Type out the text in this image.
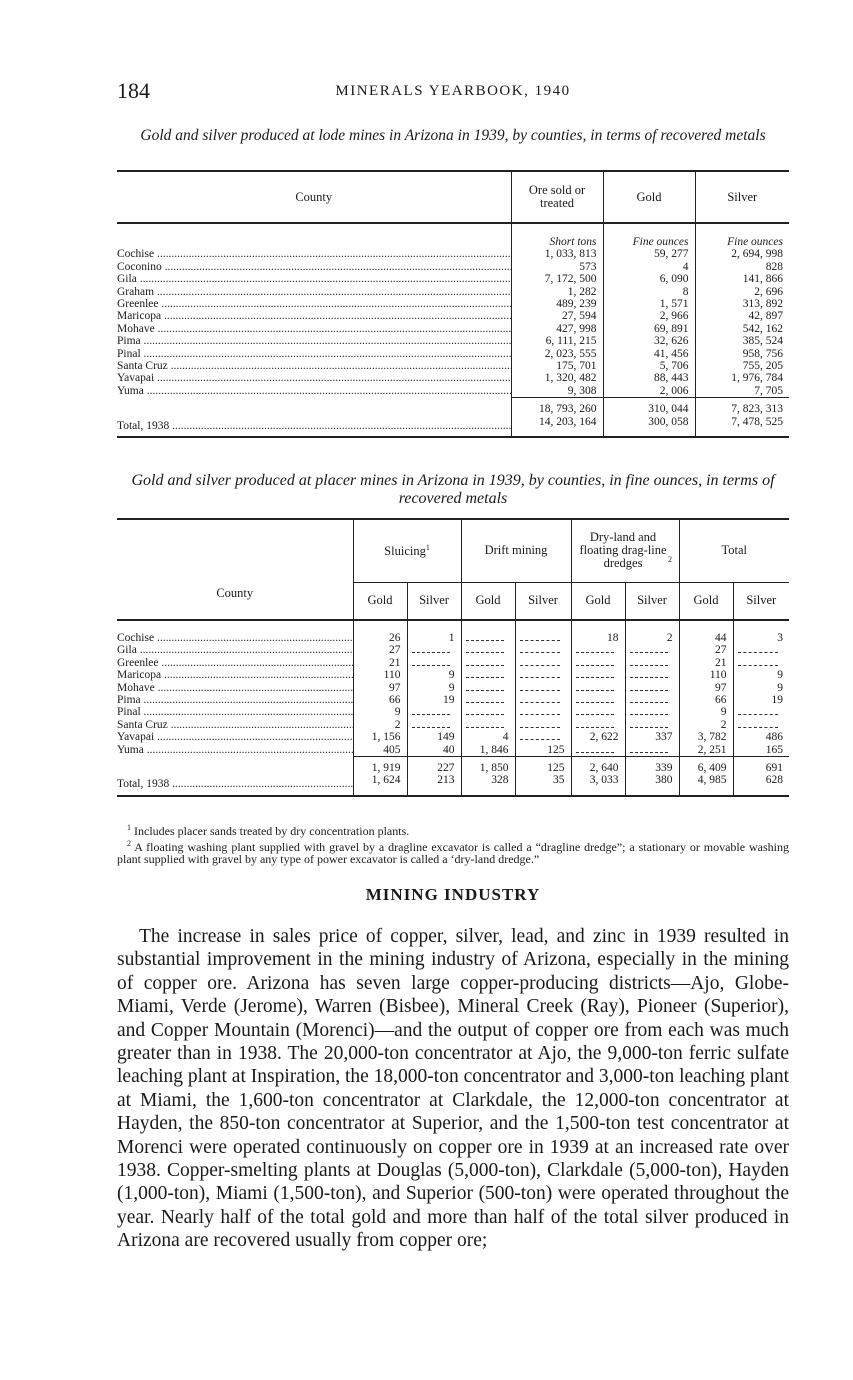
184	MINERALS YEARBOOK, 1940
Gold and silver produced at lode mines in Arizona in 1939, by counties, in terms of recovered metals
County	Ore sold or treated	Gold	Silver
	Short tons	Fine ounces	Fine ounces

Cochise .....	1, 033, 813	59, 277	2, 694, 998

Coconino .....	573	4	828

Gila .....	7, 172, 500	6, 090	141, 866

Graham .....	1, 282	8	2, 696

Greenlee .....	489, 239	1, 571	313, 892

Maricopa .....	27, 594	2, 966	42, 897

Mohave .....	427, 998	69, 891	542, 162

Pima .....	6, 111, 215	32, 626	385, 524

Pinal .....	2, 023, 555	41, 456	958, 756

Santa Cruz .....	175, 701	5, 706	755, 205

Yavapai .....	1, 320, 482	88, 443	1, 976, 784

Yuma .....	9, 308	2, 006	7, 705
	18, 793, 260	310, 044	7, 823, 313

Total, 1938 .....	14, 203, 164	300, 058	7, 478, 525
Gold and silver produced at placer mines in Arizona in 1939, by counties, in fine ounces, in terms of recovered metals
County	Sluicing$^1$		Drift mining		Dry-land and floating drag-line dredges $^2$		Total	
	Gold	Silver	Gold	Silver	Gold	Silver	Gold	Silver

Cochise .....	26	1			18	2	44	3

Gila .....	27						27	

Greenlee .....	21						21	

Maricopa .....	110	9					110	9

Mohave .....	97	9					97	9

Pima .....	66	19					66	19

Pinal .....	9						9	

Santa Cruz .....	2						2	

Yavapai .....	1, 156	149	4		2, 622	337	3, 782	486

Yuma .....	405	40	1, 846	125			2, 251	165
	1, 919	227	1, 850	125	2, 640	339	6, 409	691

Total, 1938 .....	1, 624	213	328	35	3, 033	380	4, 985	628

$^1$ Includes placer sands treated by dry concentration plants.

$^2$ A floating washing plant supplied with gravel by a dragline excavator is called a “dragline dredge”; a stationary or movable washing plant supplied with gravel by any type of power excavator is called a ‘dry-land dredge.”

MINING INDUSTRY

The increase in sales price of copper, silver, lead, and zinc in 1939 resulted in substantial improvement in the mining industry of Arizona, especially in the mining of copper ore. Arizona has seven large copper-producing districts—Ajo, Globe-Miami, Verde (Jerome), Warren (Bisbee), Mineral Creek (Ray), Pioneer (Superior), and Copper Mountain (Morenci)—and the output of copper ore from each was much greater than in 1938. The 20,000-ton concentrator at Ajo, the 9,000-ton ferric sulfate leaching plant at Inspiration, the 18,000-ton concentrator and 3,000-ton leaching plant at Miami, the 1,600-ton concentrator at Clarkdale, the 12,000-ton concentrator at Hayden, the 850-ton concentrator at Superior, and the 1,500-ton test concentrator at Morenci were operated continuously on copper ore in 1939 at an increased rate over 1938. Copper-smelting plants at Douglas (5,000-ton), Clarkdale (5,000-ton), Hayden (1,000-ton), Miami (1,500-ton), and Superior (500-ton) were operated throughout the year. Nearly half of the total gold and more than half of the total silver produced in Arizona are recovered usually from copper ore;
